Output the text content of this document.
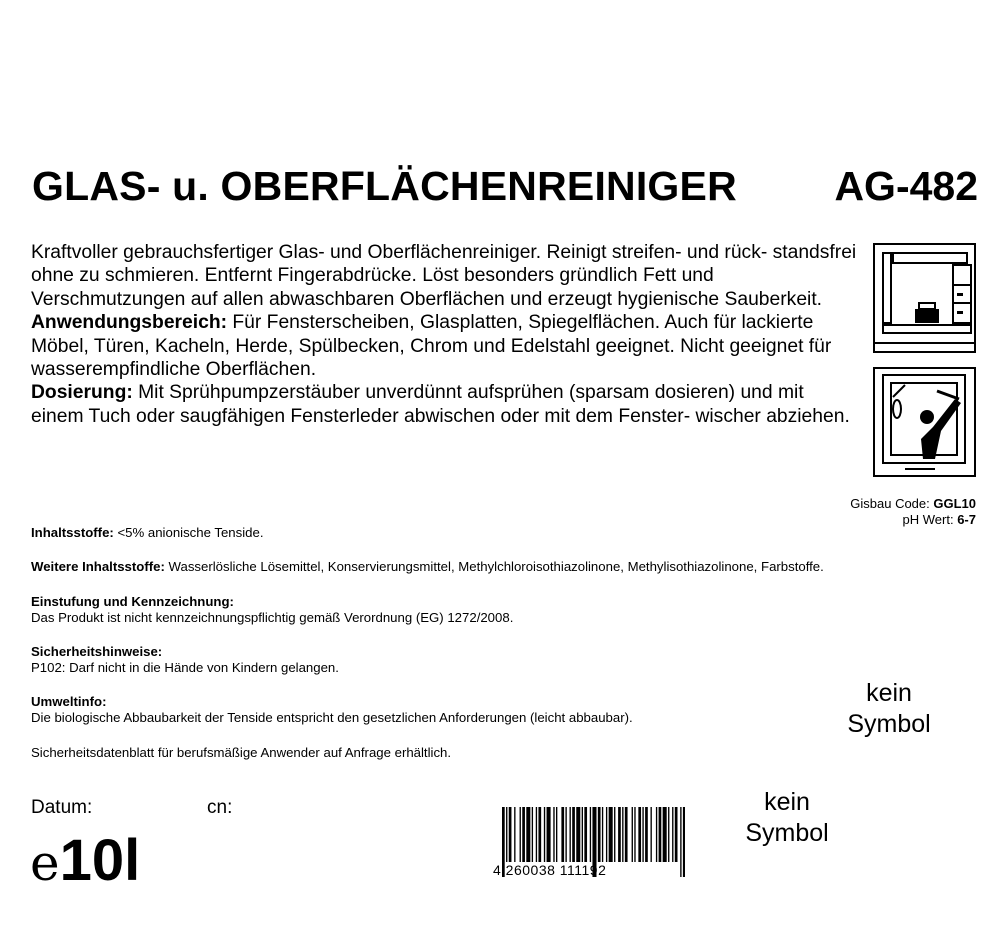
GLAS- u. OBERFLÄCHENREINIGER AG-482

Kraftvoller gebrauchsfertiger Glas- und Oberflächenreiniger. Reinigt streifen- und rück- standsfrei ohne zu schmieren. Entfernt Fingerabdrücke. Löst besonders gründlich Fett und Verschmutzungen auf allen abwaschbaren Oberflächen und erzeugt hygienische Sauberkeit.

Anwendungsbereich: Für Fensterscheiben, Glasplatten, Spiegelflächen. Auch für lackierte Möbel, Türen, Kacheln, Herde, Spülbecken, Chrom und Edelstahl geeignet. Nicht geeignet für wasserempfindliche Oberflächen.

Dosierung: Mit Sprühpumpzerstäuber unverdünnt aufsprühen (sparsam dosieren) und mit einem Tuch oder saugfähigen Fensterleder abwischen oder mit dem Fenster- wischer abziehen.

Gisbau Code: GGL10
pH Wert: 6-7
Inhaltsstoffe: <5% anionische Tenside.
Weitere Inhaltsstoffe: Wasserlösliche Lösemittel, Konservierungsmittel, Methylchloroisothiazolinone, Methylisothiazolinone, Farbstoffe.
Einstufung und Kennzeichnung:
Das Produkt ist nicht kennzeichnungspflichtig gemäß Verordnung (EG) 1272/2008.
Sicherheitshinweise:
P102: Darf nicht in die Hände von Kindern gelangen.
Umweltinfo:
Die biologische Abbaubarkeit der Tenside entspricht den gesetzlichen Anforderungen (leicht abbaubar).
Sicherheitsdatenblatt für berufsmäßige Anwender auf Anfrage erhältlich.
kein
Symbol
kein
Symbol
Datum:	cn:
e10l	4 260038 111192
